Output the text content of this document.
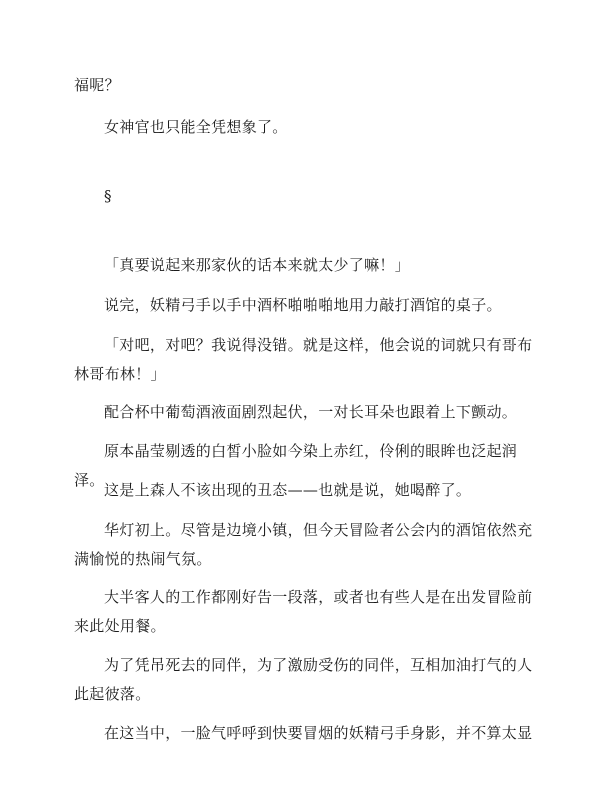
福呢？

女神官也只能全凭想象了。

§

「真要说起来那家伙的话本来就太少了嘛！」

说完，妖精弓手以手中酒杯啪啪啪地用力敲打酒馆的桌子。

「对吧，对吧？我说得没错。就是这样，他会说的词就只有哥布林哥布林！」

配合杯中葡萄酒液面剧烈起伏，一对长耳朵也跟着上下颤动。

原本晶莹剔透的白皙小脸如今染上赤红，伶俐的眼眸也泛起润泽。

这是上森人不该出现的丑态——也就是说，她喝醉了。

华灯初上。尽管是边境小镇，但今天冒险者公会内的酒馆依然充满愉悦的热闹气氛。

大半客人的工作都刚好告一段落，或者也有些人是在出发冒险前来此处用餐。

为了凭吊死去的同伴，为了激励受伤的同伴，互相加油打气的人此起彼落。

在这当中，一脸气呼呼到快要冒烟的妖精弓手身影，并不算太显
